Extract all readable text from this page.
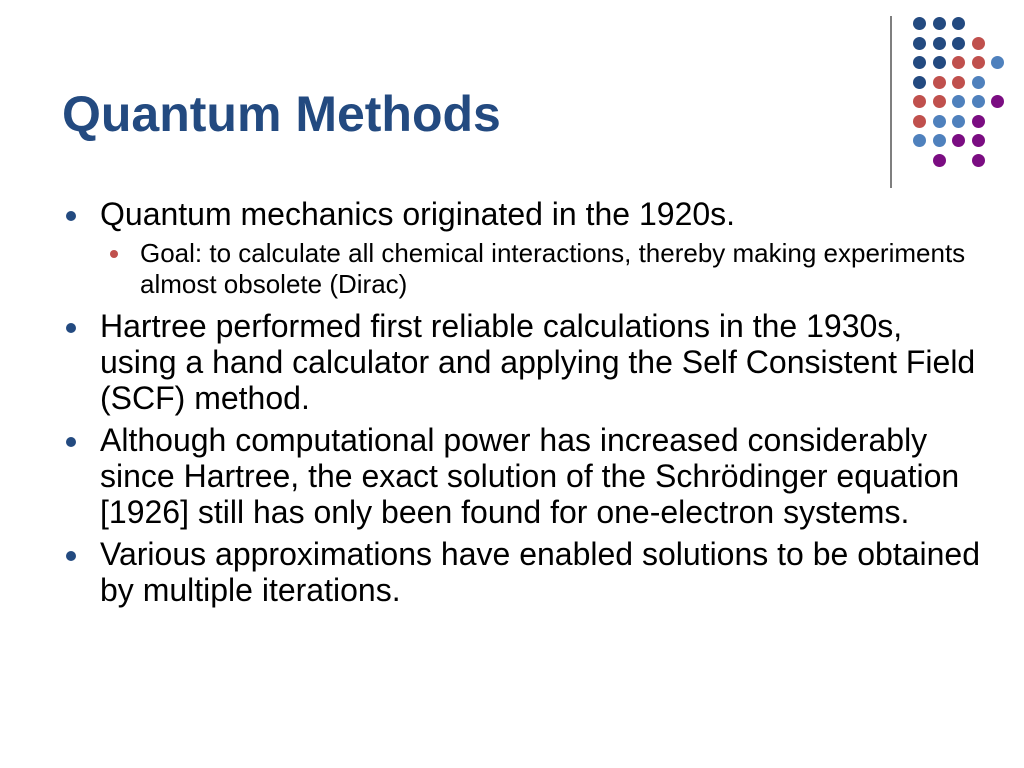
Quantum Methods
Quantum mechanics originated in the 1920s.
Goal: to calculate all chemical interactions, thereby making experiments almost obsolete (Dirac)
Hartree performed first reliable calculations in the 1930s, using a hand calculator and applying the Self Consistent Field (SCF) method.
Although computational power has increased considerably since Hartree, the exact solution of the Schrödinger equation [1926] still has only been found for one-electron systems.
Various approximations have enabled solutions to be obtained by multiple iterations.
